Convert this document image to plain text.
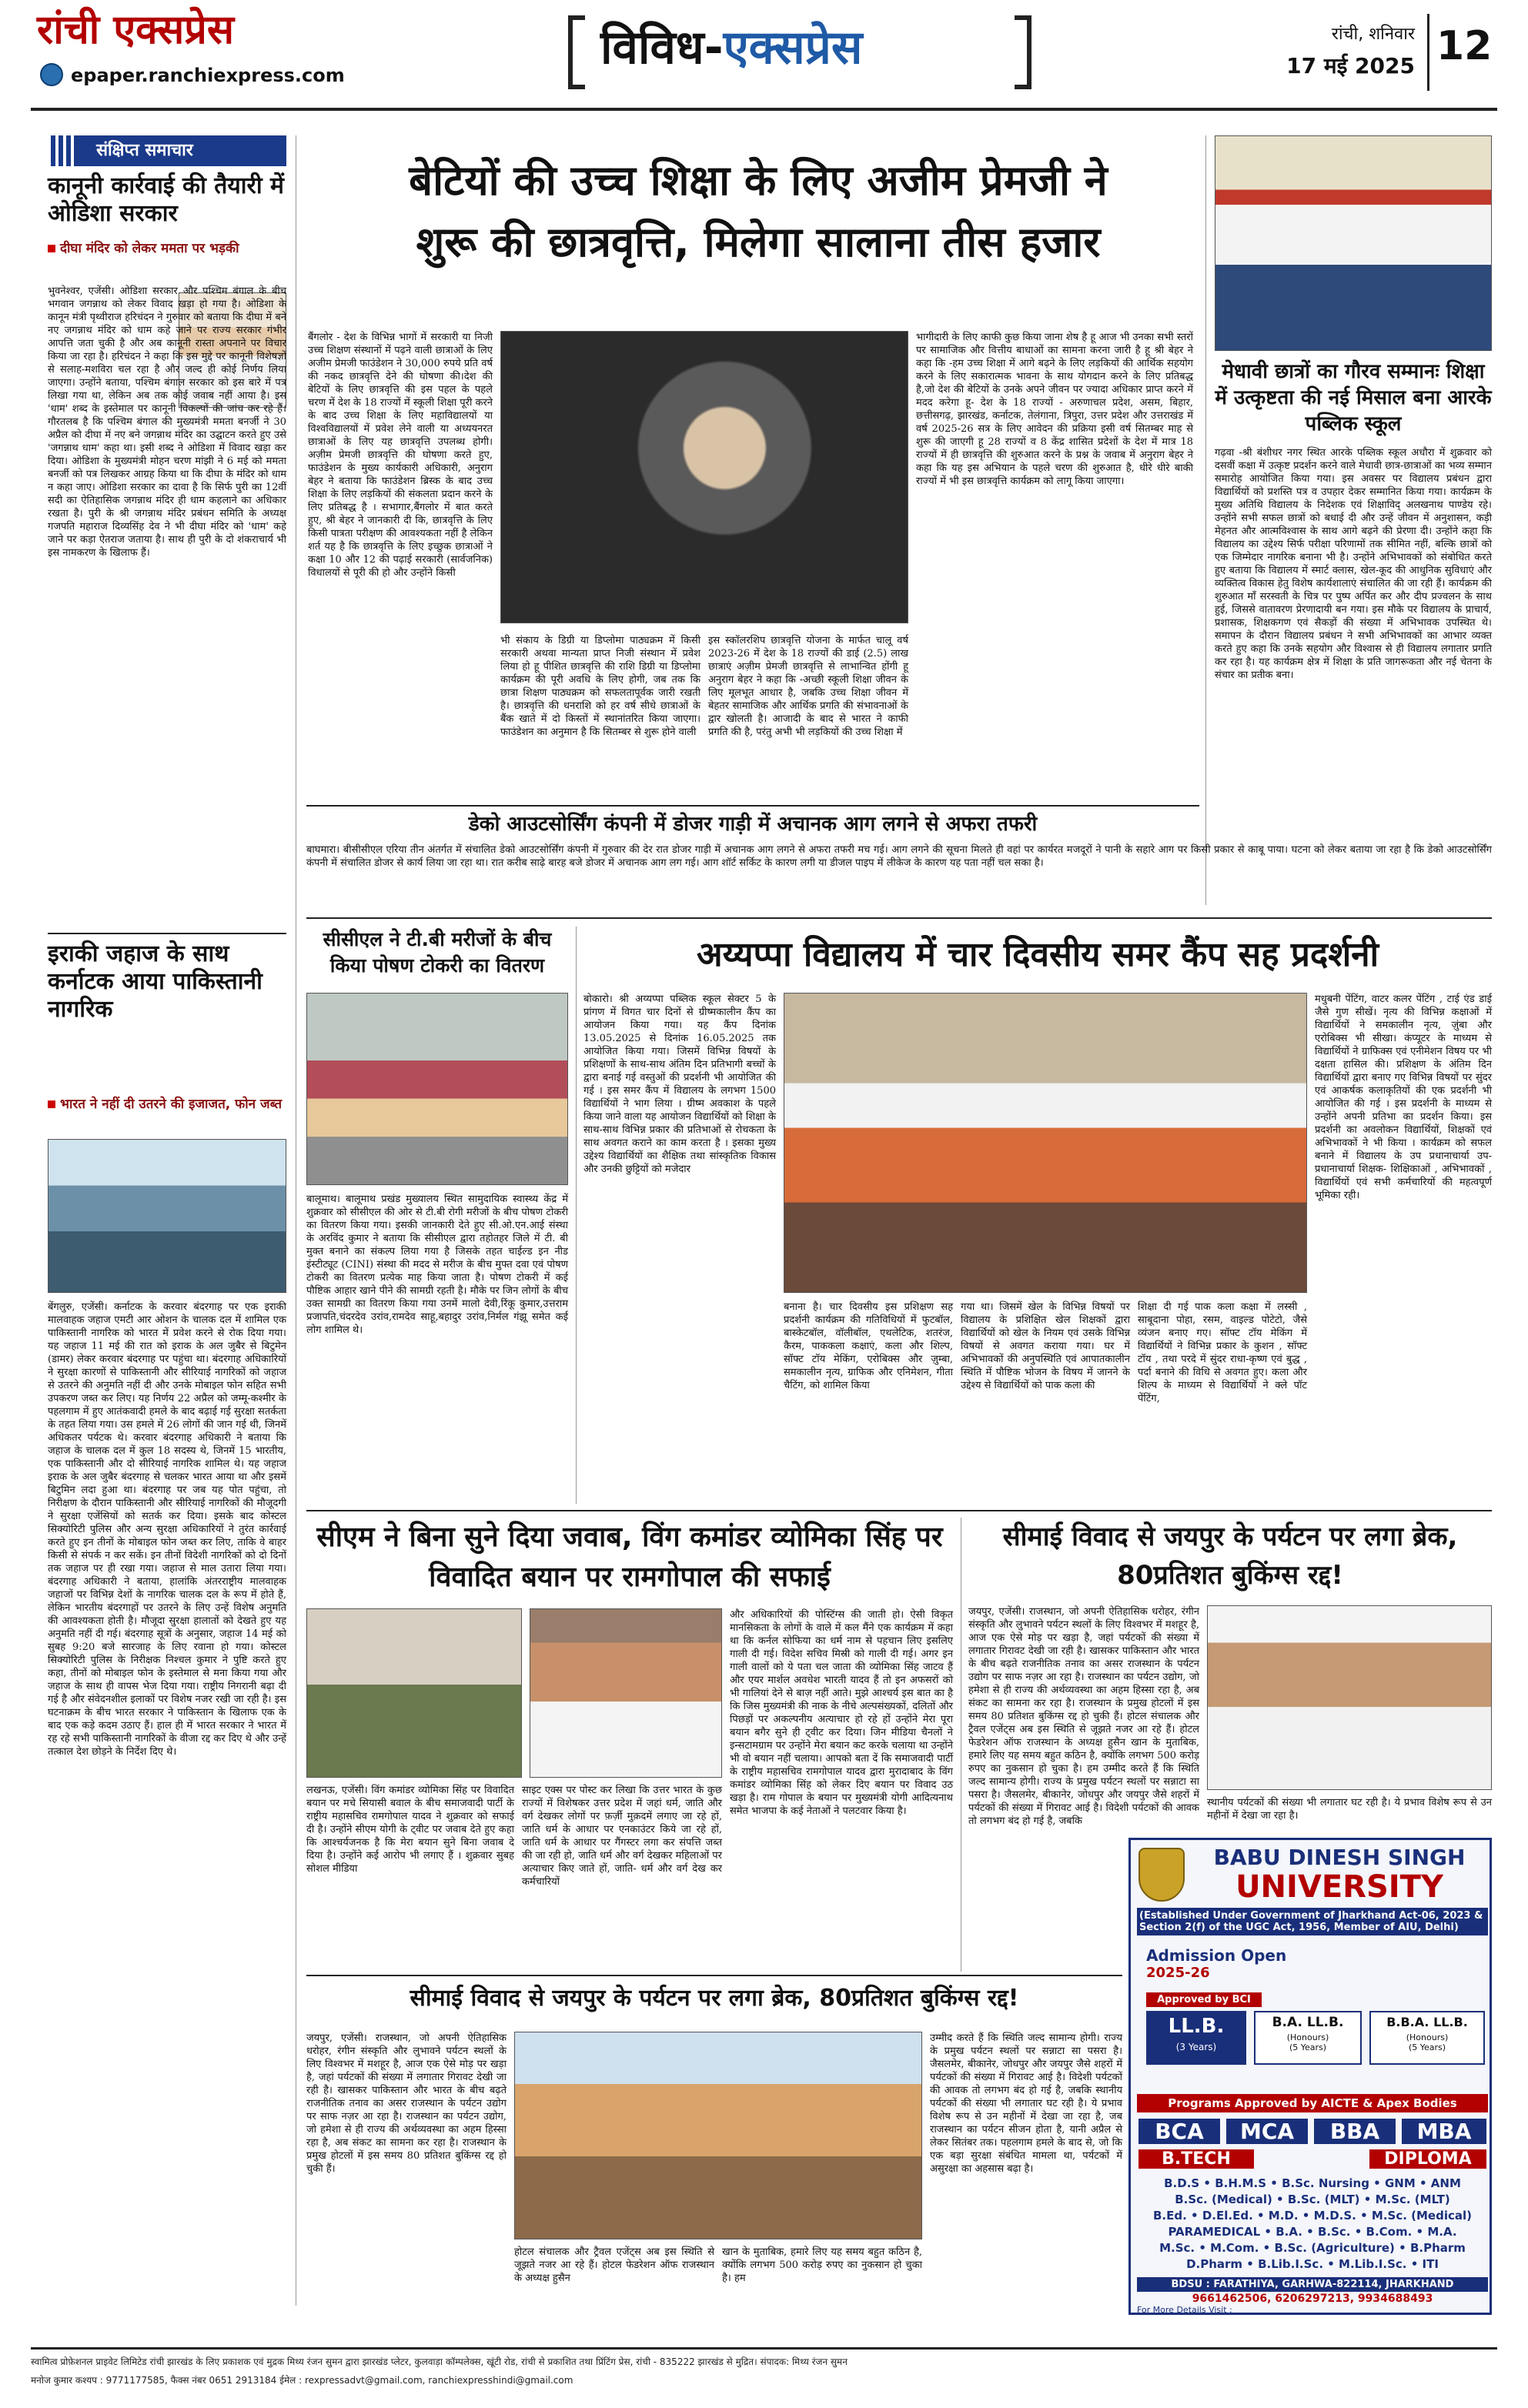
रांची एक्सप्रेस
epaper.ranchiexpress.com
विविध-एक्सप्रेस	रांची, शनिवार
17 मई 2025 12
संक्षिप्त समाचार
कानूनी कार्रवाई की तैयारी में ओडिशा सरकार
दीघा मंदिर को लेकर ममता पर भड़की
भुवनेश्वर, एजेंसी। ओडिशा सरकार और पश्चिम बंगाल के बीच भगवान जगन्नाथ को लेकर विवाद खड़ा हो गया है। ओडिशा के कानून मंत्री पृथ्वीराज हरिचंदन ने गुरुवार को बताया कि दीघा में बने नए जगन्नाथ मंदिर को धाम कहे जाने पर राज्य सरकार गंभीर आपत्ति जता चुकी है और अब कानूनी रास्ता अपनाने पर विचार किया जा रहा है। हरिचंदन ने कहा कि इस मुद्दे पर कानूनी विशेषज्ञों से सलाह-मशविरा चल रहा है और जल्द ही कोई निर्णय लिया जाएगा। उन्होंने बताया, पश्चिम बंगाल सरकार को इस बारे में पत्र लिखा गया था, लेकिन अब तक कोई जवाब नहीं आया है। इस 'धाम' शब्द के इस्तेमाल पर कानूनी विकल्पों की जांच कर रहे हैं। गौरतलब है कि पश्चिम बंगाल की मुख्यमंत्री ममता बनर्जी ने 30 अप्रैल को दीघा में नए बने जगन्नाथ मंदिर का उद्घाटन करते हुए उसे 'जगन्नाथ धाम' कहा था। इसी शब्द ने ओडिशा में विवाद खड़ा कर दिया। ओडिशा के मुख्यमंत्री मोहन चरण मांझी ने 6 मई को ममता बनर्जी को पत्र लिखकर आग्रह किया था कि दीघा के मंदिर को धाम न कहा जाए। ओडिशा सरकार का दावा है कि सिर्फ पुरी का 12वीं सदी का ऐतिहासिक जगन्नाथ मंदिर ही धाम कहलाने का अधिकार रखता है। पुरी के श्री जगन्नाथ मंदिर प्रबंधन समिति के अध्यक्ष गजपति महाराज दिव्यसिंह देव ने भी दीघा मंदिर को 'धाम' कहे जाने पर कड़ा ऐतराज जताया है। साथ ही पुरी के दो शंकराचार्य भी इस नामकरण के खिलाफ हैं।
इराकी जहाज के साथ कर्नाटक आया पाकिस्तानी नागरिक
भारत ने नहीं दी उतरने की इजाजत, फोन जब्त
बेंगलुरु, एजेंसी। कर्नाटक के करवार बंदरगाह पर एक इराकी मालवाहक जहाज एमटी आर ओशन के चालक दल में शामिल एक पाकिस्तानी नागरिक को भारत में प्रवेश करने से रोक दिया गया। यह जहाज 11 मई की रात को इराक के अल जुबैर से बिटुमेन (डामर) लेकर करवार बंदरगाह पर पहुंचा था। बंदरगाह अधिकारियों ने सुरक्षा कारणों से पाकिस्तानी और सीरियाई नागरिकों को जहाज से उतरने की अनुमति नहीं दी और उनके मोबाइल फोन सहित सभी उपकरण जब्त कर लिए। यह निर्णय 22 अप्रैल को जम्मू-कश्मीर के पहलगाम में हुए आतंकवादी हमले के बाद बढ़ाई गई सुरक्षा सतर्कता के तहत लिया गया। उस हमले में 26 लोगों की जान गई थी, जिनमें अधिकतर पर्यटक थे। करवार बंदरगाह अधिकारी ने बताया कि जहाज के चालक दल में कुल 18 सदस्य थे, जिनमें 15 भारतीय, एक पाकिस्तानी और दो सीरियाई नागरिक शामिल थे। यह जहाज इराक के अल जुबैर बंदरगाह से चलकर भारत आया था और इसमें बिटुमिन लदा हुआ था। बंदरगाह पर जब यह पोत पहुंचा, तो निरीक्षण के दौरान पाकिस्तानी और सीरियाई नागरिकों की मौजूदगी ने सुरक्षा एजेंसियों को सतर्क कर दिया। इसके बाद कोस्टल सिक्योरिटी पुलिस और अन्य सुरक्षा अधिकारियों ने तुरंत कार्रवाई करते हुए इन तीनों के मोबाइल फोन जब्त कर लिए, ताकि वे बाहर किसी से संपर्क न कर सकें। इन तीनों विदेशी नागरिकों को दो दिनों तक जहाज पर ही रखा गया। जहाज से माल उतारा लिया गया। बंदरगाह अधिकारी ने बताया, हालांकि अंतरराष्ट्रीय मालवाहक जहाजों पर विभिन्न देशों के नागरिक चालक दल के रूप में होते हैं, लेकिन भारतीय बंदरगाहों पर उतरने के लिए उन्हें विशेष अनुमति की आवश्यकता होती है। मौजूदा सुरक्षा हालातों को देखते हुए यह अनुमति नहीं दी गई। बंदरगाह सूत्रों के अनुसार, जहाज 14 मई को सुबह 9:20 बजे सारजाह के लिए रवाना हो गया। कोस्टल सिक्योरिटी पुलिस के निरीक्षक निश्चल कुमार ने पुष्टि करते हुए कहा, तीनों को मोबाइल फोन के इस्तेमाल से मना किया गया और जहाज के साथ ही वापस भेज दिया गया। राष्ट्रीय निगरानी बढ़ा दी गई है और संवेदनशील इलाकों पर विशेष नजर रखी जा रही है। इस घटनाक्रम के बीच भारत सरकार ने पाकिस्तान के खिलाफ एक के बाद एक कड़े कदम उठाए हैं। हाल ही में भारत सरकार ने भारत में रह रहे सभी पाकिस्तानी नागरिकों के वीजा रद्द कर दिए थे और उन्हें तत्काल देश छोड़ने के निर्देश दिए थे।
बेटियों की उच्च शिक्षा के लिए अजीम प्रेमजी ने
शुरू की छात्रवृत्ति, मिलेगा सालाना तीस हजार
बैंगलोर - देश के विभिन्न भागों में सरकारी या निजी उच्च शिक्षण संस्थानों में पढ़ने वाली छात्राओं के लिए अजीम प्रेमजी फाउंडेशन ने 30,000 रुपये प्रति वर्ष की नकद छात्रवृत्ति देने की घोषणा की।देश की बेटियों के लिए छात्रवृत्ति की इस पहल के पहले चरण में देश के 18 राज्यों में स्कूली शिक्षा पूरी करने के बाद उच्च शिक्षा के लिए महाविद्यालयों या विश्वविद्यालयों में प्रवेश लेने वाली या अध्ययनरत छात्राओं के लिए यह छात्रवृत्ति उपलब्ध होगी। अज़ीम प्रेमजी छात्रवृत्ति की घोषणा करते हुए, फाउंडेशन के मुख्य कार्यकारी अधिकारी, अनुराग बेहर ने बताया कि फाउंडेशन ब्रिस्क के बाद उच्च शिक्षा के लिए लड़कियों की संकलता प्रदान करने के लिए प्रतिबद्ध है । सभागार,बैंगलोर में बात करते हुए, श्री बेहर ने जानकारी दी कि, छात्रवृत्ति के लिए किसी पात्रता परीक्षण की आवश्यकता नहीं है लेकिन शर्त यह है कि छात्रवृत्ति के लिए इच्छुक छात्राओं ने कक्षा 10 और 12 की पढ़ाई सरकारी (सार्वजनिक) विधालयों से पूरी की हो और उन्होंने किसी
भी संकाय के डिग्री या डिप्लोमा पाठ्यक्रम में किसी सरकारी अथवा मान्यता प्राप्त निजी संस्थान में प्रवेश लिया हो हू पीशित छात्रवृत्ति की राशि डिग्री या डिप्लोमा कार्यक्रम की पूरी अवधि के लिए होगी, जब तक कि छात्रा शिक्षण पाठ्यक्रम को सफलतापूर्वक जारी रखती है। छात्रवृत्ति की धनराशि को हर वर्ष सीधे छात्राओं के बैंक खाते में दो किस्तों में स्थानांतरित किया जाएगा। फाउंडेशन का अनुमान है कि सितम्बर से शुरू होने वाली
इस स्कॉलरशिप छात्रवृत्ति योजना के मार्फत चालू वर्ष 2023-26 में देश के 18 राज्यों की डाई (2.5) लाख छात्राएं अज़ीम प्रेमजी छात्रवृत्ति से लाभान्वित होंगी हू अनुराग बेहर ने कहा कि -अच्छी स्कूली शिक्षा जीवन के लिए मूलभूत आधार है, जबकि उच्च शिक्षा जीवन में बेहतर सामाजिक और आर्थिक प्रगति की संभावनाओं के द्वार खोलती है। आजादी के बाद से भारत ने काफी प्रगति की है, परंतु अभी भी लड़कियों की उच्च शिक्षा में
भागीदारी के लिए काफी कुछ किया जाना शेष है हू आज भी उनका सभी स्तरों पर सामाजिक और वित्तीय बाधाओं का सामना करना जारी है हू श्री बेहर ने कहा कि -हम उच्च शिक्षा में आगे बढ़ने के लिए लड़कियों की आर्थिक सहयोग करने के लिए सकारात्मक भावना के साथ योगदान करने के लिए प्रतिबद्ध है,जो देश की बेटियों के उनके अपने जीवन पर ज्यादा अधिकार प्राप्त करने में मदद करेगा हू- देश के 18 राज्यों - अरुणाचल प्रदेश, असम, बिहार, छत्तीसगढ़, झारखंड, कर्नाटक, तेलंगाना, त्रिपुरा, उत्तर प्रदेश और उत्तराखंड में वर्ष 2025-26 सत्र के लिए आवेदन की प्रक्रिया इसी वर्ष सितम्बर माह से शुरू की जाएगी हू 28 राज्यों व 8 केंद्र शासित प्रदेशों के देश में मात्र 18 राज्यों में ही छात्रवृत्ति की शुरुआत करने के प्रश्न के जवाब में अनुराग बेहर ने कहा कि यह इस अभियान के पहले चरण की शुरुआत है, धीरे धीरे बाकी राज्यों में भी इस छात्रवृत्ति कार्यक्रम को लागू किया जाएगा।
मेधावी छात्रों का गौरव सम्मानः शिक्षा में उत्कृष्टता की नई मिसाल बना आरके पब्लिक स्कूल
गढ़वा -श्री बंशीधर नगर स्थित आरके पब्लिक स्कूल अधौरा में शुक्रवार को दसवीं कक्षा में उत्कृष्ट प्रदर्शन करने वाले मेधावी छात्र-छात्राओं का भव्य सम्मान समारोह आयोजित किया गया। इस अवसर पर विद्यालय प्रबंधन द्वारा विद्यार्थियों को प्रशस्ति पत्र व उपहार देकर सम्मानित किया गया। कार्यक्रम के मुख्य अतिथि विद्यालय के निदेशक एवं शिक्षाविद् अलखनाथ पाण्डेय रहे। उन्होंने सभी सफल छात्रों को बधाई दी और उन्हें जीवन में अनुशासन, कड़ी मेहनत और आत्मविश्वास के साथ आगे बढ़ने की प्रेरणा दी। उन्होंने कहा कि विद्यालय का उद्देश्य सिर्फ परीक्षा परिणामों तक सीमित नहीं, बल्कि छात्रों को एक जिम्मेदार नागरिक बनाना भी है। उन्होंने अभिभावकों को संबोधित करते हुए बताया कि विद्यालय में स्मार्ट क्लास, खेल-कूद की आधुनिक सुविधाएं और व्यक्तित्व विकास हेतु विशेष कार्यशालाएं संचालित की जा रही हैं। कार्यक्रम की शुरुआत माँ सरस्वती के चित्र पर पुष्प अर्पित कर और दीप प्रज्वलन के साथ हुई, जिससे वातावरण प्रेरणादायी बन गया। इस मौके पर विद्यालय के प्राचार्य, प्रशासक, शिक्षकगण एवं सैकड़ों की संख्या में अभिभावक उपस्थित थे। समापन के दौरान विद्यालय प्रबंधन ने सभी अभिभावकों का आभार व्यक्त करते हुए कहा कि उनके सहयोग और विश्वास से ही विद्यालय लगातार प्रगति कर रहा है। यह कार्यक्रम क्षेत्र में शिक्षा के प्रति जागरूकता और नई चेतना के संचार का प्रतीक बना।
डेको आउटसोर्सिंग कंपनी में डोजर गाड़ी में अचानक आग लगने से अफरा तफरी
बाघमारा। बीसीसीएल एरिया तीन अंतर्गत में संचालित डेको आउटसोर्सिंग कंपनी में गुरुवार की देर रात डोजर गाड़ी में अचानक आग लगने से अफरा तफरी मच गई। आग लगने की सूचना मिलते ही वहां पर कार्यरत मजदूरों ने पानी के सहारे आग पर किसी प्रकार से काबू पाया। घटना को लेकर बताया जा रहा है कि डेको आउटसोर्सिंग कंपनी में संचालित डोजर से कार्य लिया जा रहा था। रात करीब साढ़े बारह बजे डोजर में अचानक आग लग गई। आग शॉर्ट सर्किट के कारण लगी या डीजल पाइप में लीकेज के कारण यह पता नहीं चल सका है।
सीसीएल ने टी.बी मरीजों के बीच किया पोषण टोकरी का वितरण
बालूमाथ। बालूमाथ प्रखंड मुख्यालय स्थित सामुदायिक स्वास्थ्य केंद्र में शुक्रवार को सीसीएल की ओर से टी.बी रोगी मरीजों के बीच पोषण टोकरी का वितरण किया गया। इसकी जानकारी देते हुए सी.ओ.एन.आई संस्था के अरविंद कुमार ने बताया कि सीसीएल द्वारा तहोतहर जिले में टी. बी मुक्त बनाने का संकल्प लिया गया है जिसके तहत चाईल्ड इन नीड इंस्टीट्यूट (CINI) संस्था की मदद से मरीज के बीच मुफ्त दवा एवं पोषण टोकरी का वितरण प्रत्येक माह किया जाता है। पोषण टोकरी में कई पौष्टिक आहार खाने पीने की सामग्री रहती है। मौके पर जिन लोगों के बीच उक्त सामग्री का वितरण किया गया उनमें मालो देवी,रिंकू कुमार,उत्तराम प्रजापति,चंदरदेव उरांव,रामदेव साहू,बहादुर उरांव,निर्मल गंझू समेत कई लोग शामिल थे।
अय्यप्पा विद्यालय में चार दिवसीय समर कैंप सह प्रदर्शनी
बोकारो। श्री अय्यप्पा पब्लिक स्कूल सेक्टर 5 के प्रांगण में विगत चार दिनों से ग्रीष्मकालीन कैंप का आयोजन किया गया। यह कैंप दिनांक 13.05.2025 से दिनांक 16.05.2025 तक आयोजित किया गया। जिसमें विभिन्न विषयों के प्रशिक्षणों के साथ-साथ अंतिम दिन प्रतिभागी बच्चों के द्वारा बनाई गई वस्तुओं की प्रदर्शनी भी आयोजित की गई । इस समर कैंप में विद्यालय के लगभग 1500 विद्यार्थियों ने भाग लिया । ग्रीष्म अवकाश के पहले किया जाने वाला यह आयोजन विद्यार्थियों को शिक्षा के साथ-साथ विभिन्न प्रकार की प्रतिभाओं से रोचकता के साथ अवगत कराने का काम करता है । इसका मुख्य उद्देश्य विद्यार्थियों का शैक्षिक तथा सांस्कृतिक विकास और उनकी छुट्टियों को मजेदार
बनाना है। चार दिवसीय इस प्रशिक्षण सह प्रदर्शनी कार्यक्रम की गतिविधियों में फुटबॉल, बास्केटबॉल, वॉलीबॉल, एथलेटिक, शतरंज, कैरम, पाककला कक्षाएं, कला और शिल्प, सॉफ्ट टॉय मेकिंग, एरोबिक्स और ज़ुम्बा, समकालीन नृत्य, ग्राफिक और एनिमेशन, गीता चैटिंग, को शामिल किया
गया था। जिसमें खेल के विभिन्न विषयों पर विद्यालय के प्रशिक्षित खेल शिक्षकों द्वारा विद्यार्थियों को खेल के नियम एवं उसके विभिन्न विषयों से अवगत कराया गया। घर में अभिभावकों की अनुपस्थिति एवं आपातकालीन स्थिति में पौष्टिक भोजन के विषय में जानने के उद्देश्य से विद्यार्थियों को पाक कला की
शिक्षा दी गई पाक कला कक्षा में लस्सी , साबूदाना पोहा, रसम, वाइल्ड पोटेटो, जैसे व्यंजन बनाए गए। सॉफ्ट टॉय मेकिंग में विद्यार्थियों ने विभिन्न प्रकार के कुशन , सॉफ्ट टॉय , तथा परदे में सुंदर राधा-कृष्ण एवं बुद्ध , पर्दा बनाने की विधि से अवगत हुए। कला और शिल्प के माध्यम से विद्यार्थियों ने क्ले पॉट पेंटिंग,
मधुबनी पेंटिंग, वाटर कलर पेंटिंग , टाई एंड डाई जैसे गुण सीखें। नृत्य की विभिन्न कक्षाओं में विद्यार्थियों ने समकालीन नृत्य, ज़ुंबा और एरोबिक्स भी सीखा। कंप्यूटर के माध्यम से विद्यार्थियों ने ग्राफिक्स एवं एनीमेशन विषय पर भी दक्षता हासिल की। प्रशिक्षण के अंतिम दिन विद्यार्थियों द्वारा बनाए गए विभिन्न विषयों पर सुंदर एवं आकर्षक कलाकृतियों की एक प्रदर्शनी भी आयोजित की गई । इस प्रदर्शनी के माध्यम से उन्होंने अपनी प्रतिभा का प्रदर्शन किया। इस प्रदर्शनी का अवलोकन विद्यार्थियों, शिक्षकों एवं अभिभावकों ने भी किया । कार्यक्रम को सफल बनाने में विद्यालय के उप प्रधानाचार्या उप-प्रधानाचार्या शिक्षक- शिक्षिकाओं , अभिभावकों , विद्यार्थियों एवं सभी कर्मचारियों की महत्वपूर्ण भूमिका रही।
सीएम ने बिना सुने दिया जवाब, विंग कमांडर व्योमिका सिंह पर विवादित बयान पर रामगोपाल की सफाई
और अधिकारियों की पोस्टिंग्स की जाती हो। ऐसी विकृत मानसिकता के लोगों के वाले में कल मैंने एक कार्यक्रम में कहा था कि कर्नल सोफिया का धर्म नाम से पहचान लिए इसलिए गाली दी गई। विदेश सचिव मिस्री को गाली दी गई। अगर इन गाली वालों को ये पता चल जाता की व्योमिका सिंह जाटव हैं और एयर मार्शल अवधेश भारती यादव हैं तो इन अफसरों को भी गालियां देने से बाज़ नहीं आते। मुझे आश्चर्य इस बात का है कि जिस मुख्यमंत्री की नाक के नीचे अल्पसंख्यकों, दलितों और पिछड़ों पर अकल्पनीय अत्याचार हो रहे हों उन्होंने मेरा पूरा बयान बगैर सुने ही ट्वीट कर दिया। जिन मीडिया चैनलों ने इन्सटामग्राम पर उन्होंने मेरा बयान कट करके चलाया था उन्होंने भी वो बयान नहीं चलाया। आपको बता दें कि समाजवादी पार्टी के राष्ट्रीय महासचिव रामगोपाल यादव द्वारा मुरादाबाद के विंग कमांडर व्योमिका सिंह को लेकर दिए बयान पर विवाद उठ खड़ा है। राम गोपाल के बयान पर मुख्यमंत्री योगी आदित्यनाथ समेत भाजपा के कई नेताओं ने पलटवार किया है।
लखनऊ, एजेंसी। विंग कमांडर व्योमिका सिंह पर विवादित बयान पर मचे सियासी बवाल के बीच समाजवादी पार्टी के राष्ट्रीय महासचिव रामगोपाल यादव ने शुक्रवार को सफाई दी है। उन्होंने सीएम योगी के ट्वीट पर जवाब देते हुए कहा कि आश्चर्यजनक है कि मेरा बयान सुने बिना जवाब दे दिया है। उन्होंने कई आरोप भी लगाए हैं । शुक्रवार सुबह सोशल मीडिया
साइट एक्स पर पोस्ट कर लिखा कि उत्तर भारत के कुछ राज्यों में विशेषकर उत्तर प्रदेश में जहां धर्म, जाति और वर्ग देखकर लोगों पर फ़र्ज़ी मुक़दमें लगाए जा रहे हों, जाति धर्म के आधार पर एनकाउंटर किये जा रहे हों, जाति धर्म के आधार पर गैंगस्टर लगा कर संपत्ति जब्त की जा रही हो, जाति धर्म और वर्ग देखकर महिलाओं पर अत्याचार किए जाते हों, जाति- धर्म और वर्ग देख कर कर्मचारियों
सीमाई विवाद से जयपुर के पर्यटन पर लगा ब्रेक, 80प्रतिशत बुकिंग्स रद्द!
जयपुर, एजेंसी। राजस्थान, जो अपनी ऐतिहासिक धरोहर, रंगीन संस्कृति और लुभावने पर्यटन स्थलों के लिए विश्वभर में मशहूर है, आज एक ऐसे मोड़ पर खड़ा है, जहां पर्यटकों की संख्या में लगातार गिरावट देखी जा रही है। खासकर पाकिस्तान और भारत के बीच बढ़ते राजनीतिक तनाव का असर राजस्थान के पर्यटन उद्योग पर साफ नज़र आ रहा है। राजस्थान का पर्यटन उद्योग, जो हमेशा से ही राज्य की अर्थव्यवस्था का अहम हिस्सा रहा है, अब संकट का सामना कर रहा है। राजस्थान के प्रमुख होटलों में इस समय 80 प्रतिशत बुकिंग्स रद्द हो चुकी हैं। होटल संचालक और ट्रैवल एजेंट्स अब इस स्थिति से जूझते नजर आ रहे हैं। होटल फेडरेशन ऑफ राजस्थान के अध्यक्ष हुसैन खान के मुताबिक, हमारे लिए यह समय बहुत कठिन है, क्योंकि लगभग 500 करोड़ रुपए का नुकसान हो चुका है। हम उम्मीद करते हैं कि स्थिति जल्द सामान्य होगी। राज्य के प्रमुख पर्यटन स्थलों पर सन्नाटा सा पसरा है। जैसलमेर, बीकानेर, जोधपुर और जयपुर जैसे शहरों में पर्यटकों की संख्या में गिरावट आई है। विदेशी पर्यटकों की आवक तो लगभग बंद हो गई है, जबकि
स्थानीय पर्यटकों की संख्या भी लगातार घट रही है। ये प्रभाव विशेष रूप से उन महीनों में देखा जा रहा है।
BABU DINESH SINGH
UNIVERSITY
(Established Under Government of Jharkhand Act-06, 2023 & Section 2(f) of the UGC Act, 1956, Member of AIU, Delhi)
Admission Open
2025-26
Approved by BCI
LL.B.
(3 Years)
B.A. LL.B.
(Honours)
(5 Years)
B.B.A. LL.B.
(Honours)
(5 Years)
Programs Approved by AICTE & Apex Bodies
BCA	MCA	BBA	MBA
B.TECH	DIPLOMA
B.D.S • B.H.M.S • B.Sc. Nursing • GNM • ANM
B.Sc. (Medical) • B.Sc. (MLT) • M.Sc. (MLT)
B.Ed. • D.El.Ed. • M.D. • M.D.S. • M.Sc. (Medical)
PARAMEDICAL • B.A. • B.Sc. • B.Com. • M.A.
M.Sc. • M.Com. • B.Sc. (Agriculture) • B.Pharm
D.Pharm • B.Lib.I.Sc. • M.Lib.I.Sc. • ITI
BDSU : FARATHIYA, GARHWA-822114, JHARKHAND
9661462506, 6206297213, 9934688493
For More Details Visit :
सीमाई विवाद से जयपुर के पर्यटन पर लगा ब्रेक, 80प्रतिशत बुकिंग्स रद्द!
जयपुर, एजेंसी। राजस्थान, जो अपनी ऐतिहासिक धरोहर, रंगीन संस्कृति और लुभावने पर्यटन स्थलों के लिए विश्वभर में मशहूर है, आज एक ऐसे मोड़ पर खड़ा है, जहां पर्यटकों की संख्या में लगातार गिरावट देखी जा रही है। खासकर पाकिस्तान और भारत के बीच बढ़ते राजनीतिक तनाव का असर राजस्थान के पर्यटन उद्योग पर साफ नज़र आ रहा है। राजस्थान का पर्यटन उद्योग, जो हमेशा से ही राज्य की अर्थव्यवस्था का अहम हिस्सा रहा है, अब संकट का सामना कर रहा है। राजस्थान के प्रमुख होटलों में इस समय 80 प्रतिशत बुकिंग्स रद्द हो चुकी हैं।
होटल संचालक और ट्रैवल एजेंट्स अब इस स्थिति से जूझते नजर आ रहे हैं। होटल फेडरेशन ऑफ राजस्थान के अध्यक्ष हुसैन
खान के मुताबिक, हमारे लिए यह समय बहुत कठिन है, क्योंकि लगभग 500 करोड़ रुपए का नुकसान हो चुका है। हम
उम्मीद करते हैं कि स्थिति जल्द सामान्य होगी। राज्य के प्रमुख पर्यटन स्थलों पर सन्नाटा सा पसरा है। जैसलमेर, बीकानेर, जोधपुर और जयपुर जैसे शहरों में पर्यटकों की संख्या में गिरावट आई है। विदेशी पर्यटकों की आवक तो लगभग बंद हो गई है, जबकि स्थानीय पर्यटकों की संख्या भी लगातार घट रही है। ये प्रभाव विशेष रूप से उन महीनों में देखा जा रहा है, जब राजस्थान का पर्यटन सीजन होता है, यानी अप्रैल से लेकर सितंबर तक। पहलगाम हमले के बाद से, जो कि एक बड़ा सुरक्षा संबंधित मामला था, पर्यटकों में असुरक्षा का अहसास बढ़ा है।
स्वामित्व प्रोफ़ेशनल प्राइवेट लिमिटेड रांची झारखंड के लिए प्रकाशक एवं मुद्रक मिथ्य रंजन सुमन द्वारा झारखंड प्लेटर, कुलवाड़ा कॉम्पलेक्स, खूंटी रोड, रांची से प्रकाशित तथा प्रिंटिंग प्रेस, रांची - 835222 झारखंड से मुद्रित। संपादक: मिथ्य रंजन सुमन
मनोज कुमार कश्यप : 9771177585, फैक्स नंबर 0651 2913184 ईमेल : rexpressadvt@gmail.com, ranchiexpresshindi@gmail.com
